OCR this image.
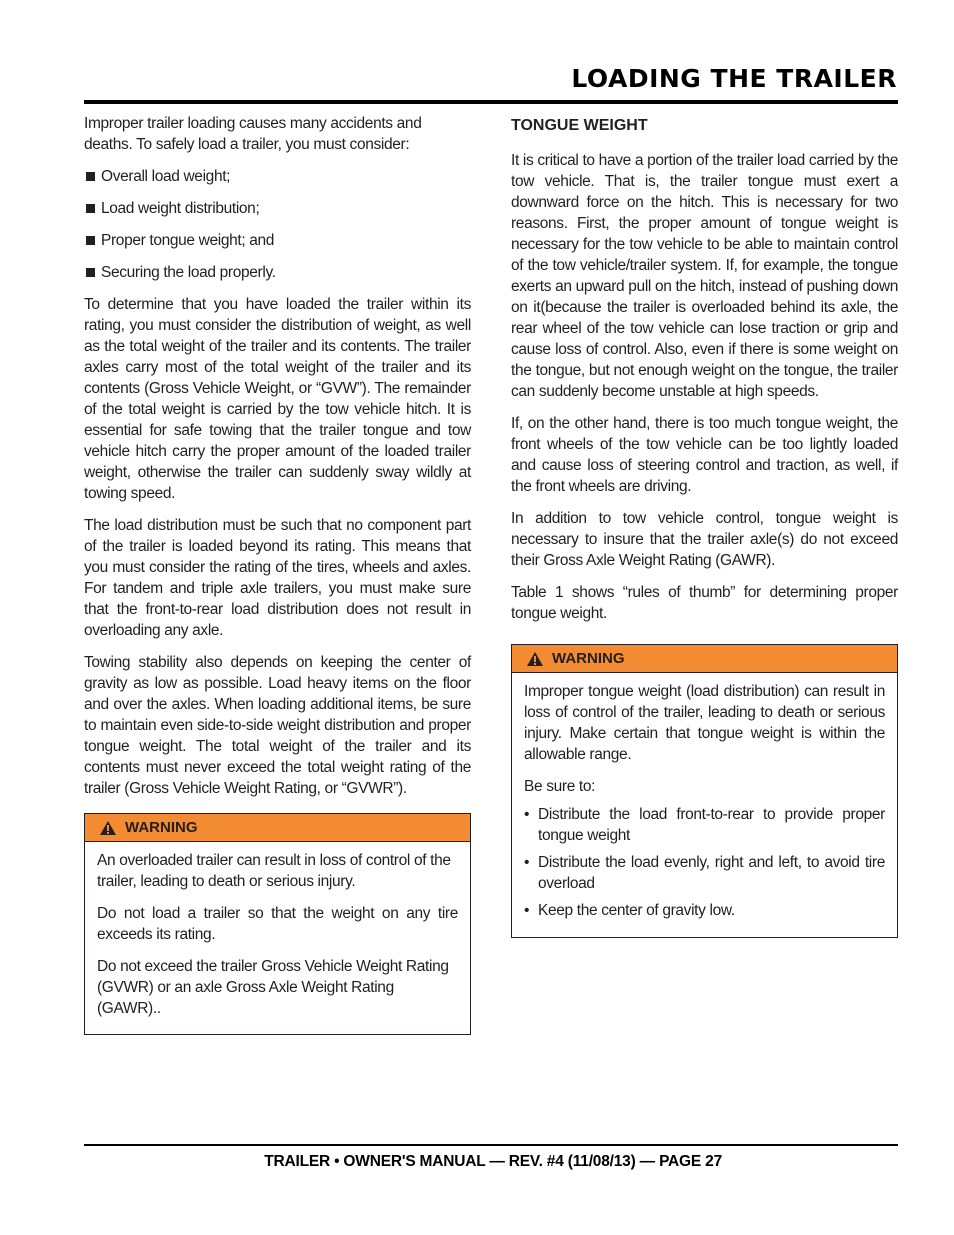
LOADING THE TRAILER

Improper trailer loading causes many accidents and deaths. To safely load a trailer, you must consider:

Overall load weight;
Load weight distribution;
Proper tongue weight; and
Securing the load properly.

To determine that you have loaded the trailer within its rating, you must consider the distribution of weight, as well as the total weight of the trailer and its contents. The trailer axles carry most of the total weight of the trailer and its contents (Gross Vehicle Weight, or “GVW”). The remainder of the total weight is carried by the tow vehicle hitch. It is essential for safe towing that the trailer tongue and tow vehicle hitch carry the proper amount of the loaded trailer weight, otherwise the trailer can suddenly sway wildly at towing speed.

The load distribution must be such that no component part of the trailer is loaded beyond its rating. This means that you must consider the rating of the tires, wheels and axles. For tandem and triple axle trailers, you must make sure that the front-to-rear load distribution does not result in overloading any axle.

Towing stability also depends on keeping the center of gravity as low as possible. Load heavy items on the floor and over the axles. When loading additional items, be sure to maintain even side-to-side weight distribution and proper tongue weight. The total weight of the trailer and its contents must never exceed the total weight rating of the trailer (Gross Vehicle Weight Rating, or “GVWR”).

WARNING

An overloaded trailer can result in loss of control of the trailer, leading to death or serious injury.

Do not load a trailer so that the weight on any tire exceeds its rating.

Do not exceed the trailer Gross Vehicle Weight Rating (GVWR) or an axle Gross Axle Weight Rating (GAWR)..

TONGUE WEIGHT

It is critical to have a portion of the trailer load carried by the tow vehicle. That is, the trailer tongue must exert a downward force on the hitch. This is necessary for two reasons. First, the proper amount of tongue weight is necessary for the tow vehicle to be able to maintain control of the tow vehicle/trailer system. If, for example, the tongue exerts an upward pull on the hitch, instead of pushing down on it(because the trailer is overloaded behind its axle, the rear wheel of the tow vehicle can lose traction or grip and cause loss of control. Also, even if there is some weight on the tongue, but not enough weight on the tongue, the trailer can suddenly become unstable at high speeds.

If, on the other hand, there is too much tongue weight, the front wheels of the tow vehicle can be too lightly loaded and cause loss of steering control and traction, as well, if the front wheels are driving.

In addition to tow vehicle control, tongue weight is necessary to insure that the trailer axle(s) do not exceed their Gross Axle Weight Rating (GAWR).

Table 1 shows “rules of thumb” for determining proper tongue weight.

WARNING

Improper tongue weight (load distribution) can result in loss of control of the trailer, leading to death or serious injury. Make certain that tongue weight is within the allowable range.

Be sure to:

• Distribute the load front-to-rear to provide proper tongue weight
• Distribute the load evenly, right and left, to avoid tire overload
• Keep the center of gravity low.
TRAILER • OWNER'S MANUAL — REV. #4 (11/08/13) — PAGE 27
